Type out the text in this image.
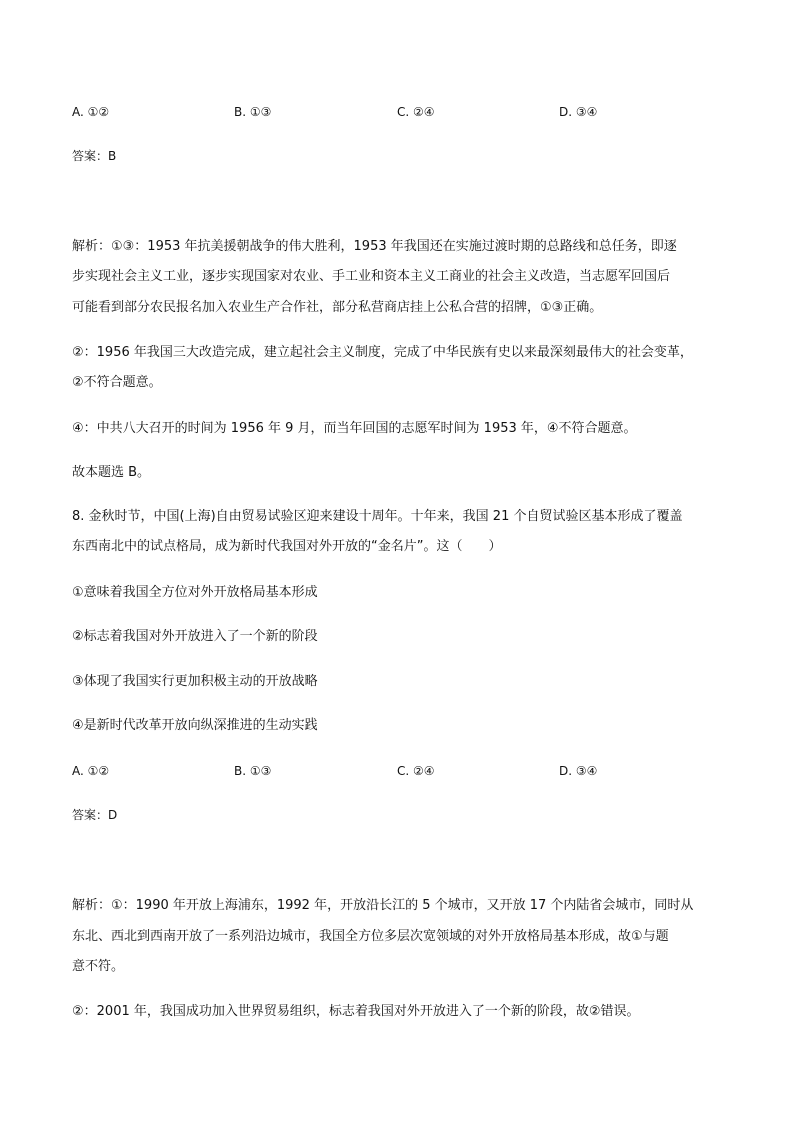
A. ①②	B. ①③	C. ②④	D. ③④
答案：B
解析：①③：1953 年抗美援朝战争的伟大胜利，1953 年我国还在实施过渡时期的总路线和总任务，即逐
步实现社会主义工业，逐步实现国家对农业、手工业和资本主义工商业的社会主义改造，当志愿军回国后
可能看到部分农民报名加入农业生产合作社，部分私营商店挂上公私合营的招牌，①③正确。
②：1956 年我国三大改造完成，建立起社会主义制度，完成了中华民族有史以来最深刻最伟大的社会变革，
②不符合题意。
④：中共八大召开的时间为 1956 年 9 月，而当年回国的志愿军时间为 1953 年，④不符合题意。
故本题选 B。
8. 金秋时节，中国(上海)自由贸易试验区迎来建设十周年。十年来，我国 21 个自贸试验区基本形成了覆盖
东西南北中的试点格局，成为新时代我国对外开放的“金名片”。这（　　）
①意味着我国全方位对外开放格局基本形成
②标志着我国对外开放进入了一个新的阶段
③体现了我国实行更加积极主动的开放战略
④是新时代改革开放向纵深推进的生动实践
A. ①②	B. ①③	C. ②④	D. ③④
答案：D
解析：①：1990 年开放上海浦东，1992 年，开放沿长江的 5 个城市，又开放 17 个内陆省会城市，同时从
东北、西北到西南开放了一系列沿边城市，我国全方位多层次宽领域的对外开放格局基本形成，故①与题
意不符。
②：2001 年，我国成功加入世界贸易组织，标志着我国对外开放进入了一个新的阶段，故②错误。
